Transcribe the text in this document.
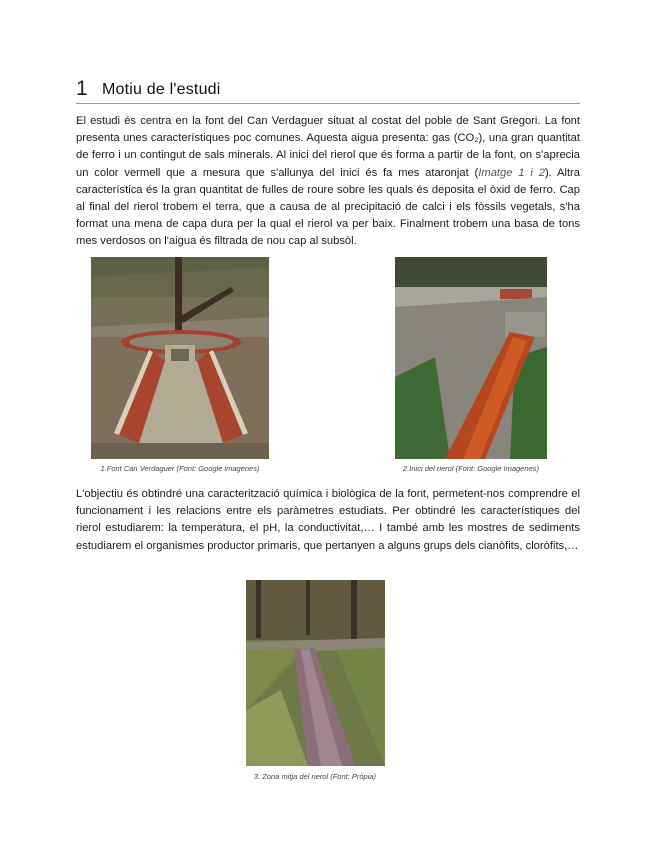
1 Motiu de l'estudi
El estudi és centra en la font del Can Verdaguer situat al costat del poble de Sant Gregori. La font presenta unes característiques poc comunes. Aquesta aigua presenta: gas (CO₂), una gran quantitat de ferro i un contingut de sals minerals. Al inici del rierol que és forma a partir de la font, on s'aprecia un color vermell que a mesura que s'allunya del inici és fa mes ataronjat (Imatge 1 i 2). Altra característica és la gran quantitat de fulles de roure sobre les quals és deposita el òxid de ferro. Cap al final del rierol trobem el terra, que a causa de al precipitació de calci i els fòssils vegetals, s'ha format una mena de capa dura per la qual el rierol va per baix. Finalment trobem una basa de tons mes verdosos on l'aigua és filtrada de nou cap al subsòl.
1.Font Can Verdaguer (Font: Google imagenes)	2.Inici del rierol (Font: Google Imagenes)
L'objectiu és obtindré una caracterització química i biològica de la font, permetent-nos comprendre el funcionament i les relacions entre els paràmetres estudiats. Per obtindré les característiques del rierol estudiarem: la temperatura, el pH, la conductivitat,… I també amb les mostres de sediments estudiarem el organismes productor primaris, que pertanyen a alguns grups dels cianòfits, cloròfits,…
3. Zona mitja del rierol (Font: Pròpia)
